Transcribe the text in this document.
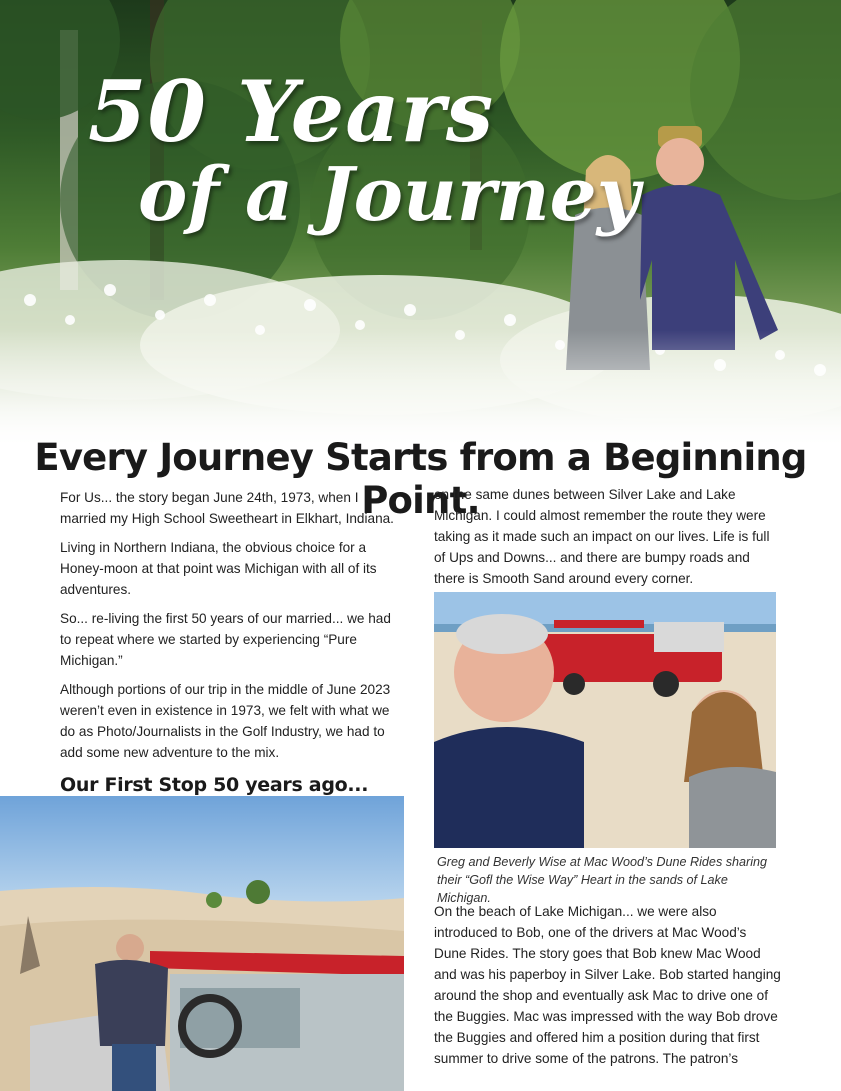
50 Years
of a Journey
Every Journey Starts from a Beginning Point.

For Us... the story began June 24th, 1973, when I married my High School Sweetheart in Elkhart, Indiana.

Living in Northern Indiana, the obvious choice for a Honey-moon at that point was Michigan with all of its adventures.

So... re-living the first 50 years of our married... we had to repeat where we started by experiencing “Pure Michigan.”

Although portions of our trip in the middle of June 2023 weren’t even in existence in 1973, we felt with what we do as Photo/Journalists in the Golf Industry, we had to add some new adventure to the mix.

Our First Stop 50 years ago...

on the same dunes between Silver Lake and Lake Michigan. I could almost remember the route they were taking as it made such an impact on our lives. Life is full of Ups and Downs... and there are bumpy roads and there is Smooth Sand around every corner.

Greg and Beverly Wise at Mac Wood’s Dune Rides sharing their “Gofl the Wise Way” Heart in the sands of Lake Michigan.

On the beach of Lake Michigan... we were also introduced to Bob, one of the drivers at Mac Wood’s Dune Rides. The story goes that Bob knew Mac Wood and was his paperboy in Silver Lake. Bob started hanging around the shop and eventually ask Mac to drive one of the Buggies. Mac was impressed with the way Bob drove the Buggies and offered him a position during that first summer to drive some of the patrons. The patron’s
